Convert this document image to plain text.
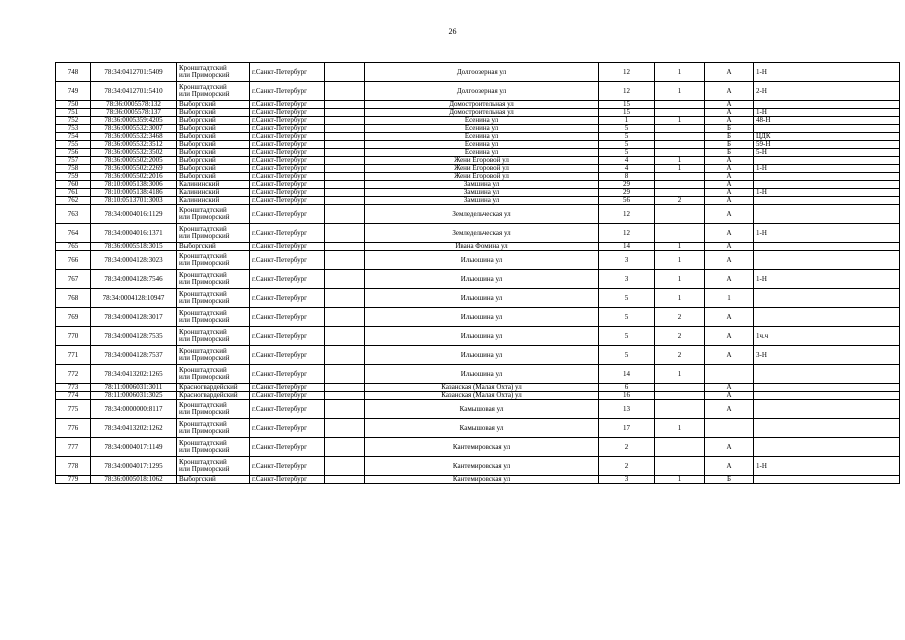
26
748	78:34:0412701:5409	Кронштадтский
или Приморский	г.Санкт-Петербург		Долгоозерная ул	12	1	А	1-Н
749	78:34:0412701:5410	Кронштадтский
или Приморский	г.Санкт-Петербург		Долгоозерная ул	12	1	А	2-Н
750	78:36:0005578:132	Выборгский	г.Санкт-Петербург		Домостроительная ул	15		А	
751	78:36:0005578:137	Выборгский	г.Санкт-Петербург		Домостроительная ул	15		А	1-Н
752	78:36:0005359:4205	Выборгский	г.Санкт-Петербург		Есенина ул	1	1	А	48-Н
753	78:36:0005532:3007	Выборгский	г.Санкт-Петербург		Есенина ул	5		Б	
754	78:36:0005532:3468	Выборгский	г.Санкт-Петербург		Есенина ул	5		Б	ЦДК
755	78:36:0005532:3512	Выборгский	г.Санкт-Петербург		Есенина ул	5		Б	59-Н
756	78:36:0005532:3502	Выборгский	г.Санкт-Петербург		Есенина ул	5		Б	5-Н
757	78:36:0005502:2005	Выборгский	г.Санкт-Петербург		Жени Егоровой ул	4	1	А	
758	78:36:0005502:2269	Выборгский	г.Санкт-Петербург		Жени Егоровой ул	4	1	А	1-Н
759	78:36:0005502:2016	Выборгский	г.Санкт-Петербург		Жени Егоровой ул	8		А	
760	78:10:0005138:3006	Калининский	г.Санкт-Петербург		Замшина ул	29		А	
761	78:10:0005138:4186	Калининский	г.Санкт-Петербург		Замшина ул	29		А	1-Н
762	78:10:0513701:3003	Калининский	г.Санкт-Петербург		Замшина ул	56	2	А	
763	78:34:0004016:1129	Кронштадтский
или Приморский	г.Санкт-Петербург		Земледельческая ул	12		А	
764	78:34:0004016:1371	Кронштадтский
или Приморский	г.Санкт-Петербург		Земледельческая ул	12		А	1-Н
765	78:36:0005518:3015	Выборгский	г.Санкт-Петербург		Ивана Фомина ул	14	1	А	
766	78:34:0004128:3023	Кронштадтский
или Приморский	г.Санкт-Петербург		Ильюшина ул	3	1	А	
767	78:34:0004128:7546	Кронштадтский
или Приморский	г.Санкт-Петербург		Ильюшина ул	3	1	А	1-Н
768	78:34:0004128:10947	Кронштадтский
или Приморский	г.Санкт-Петербург		Ильюшина ул	5	1	1	
769	78:34:0004128:3017	Кронштадтский
или Приморский	г.Санкт-Петербург		Ильюшина ул	5	2	А	
770	78:34:0004128:7535	Кронштадтский
или Приморский	г.Санкт-Петербург		Ильюшина ул	5	2	А	1ч.ч
771	78:34:0004128:7537	Кронштадтский
или Приморский	г.Санкт-Петербург		Ильюшина ул	5	2	А	3-Н
772	78:34:0413202:1265	Кронштадтский
или Приморский	г.Санкт-Петербург		Ильюшина ул	14	1		
773	78:11:0006031:3011	Красногвардейский	г.Санкт-Петербург		Казанская (Малая Охта) ул	6		А	
774	78:11:0006031:3025	Красногвардейский	г.Санкт-Петербург		Казанская (Малая Охта) ул	16		А	
775	78:34:0000000:8117	Кронштадтский
или Приморский	г.Санкт-Петербург		Камышовая ул	13		А	
776	78:34:0413202:1262	Кронштадтский
или Приморский	г.Санкт-Петербург		Камышовая ул	17	1		
777	78:34:0004017:1149	Кронштадтский
или Приморский	г.Санкт-Петербург		Кантемировская ул	2		А	
778	78:34:0004017:1295	Кронштадтский
или Приморский	г.Санкт-Петербург		Кантемировская ул	2		А	1-Н
779	78:36:0005018:1062	Выборгский	г.Санкт-Петербург		Кантемировская ул	3	1	Б	
